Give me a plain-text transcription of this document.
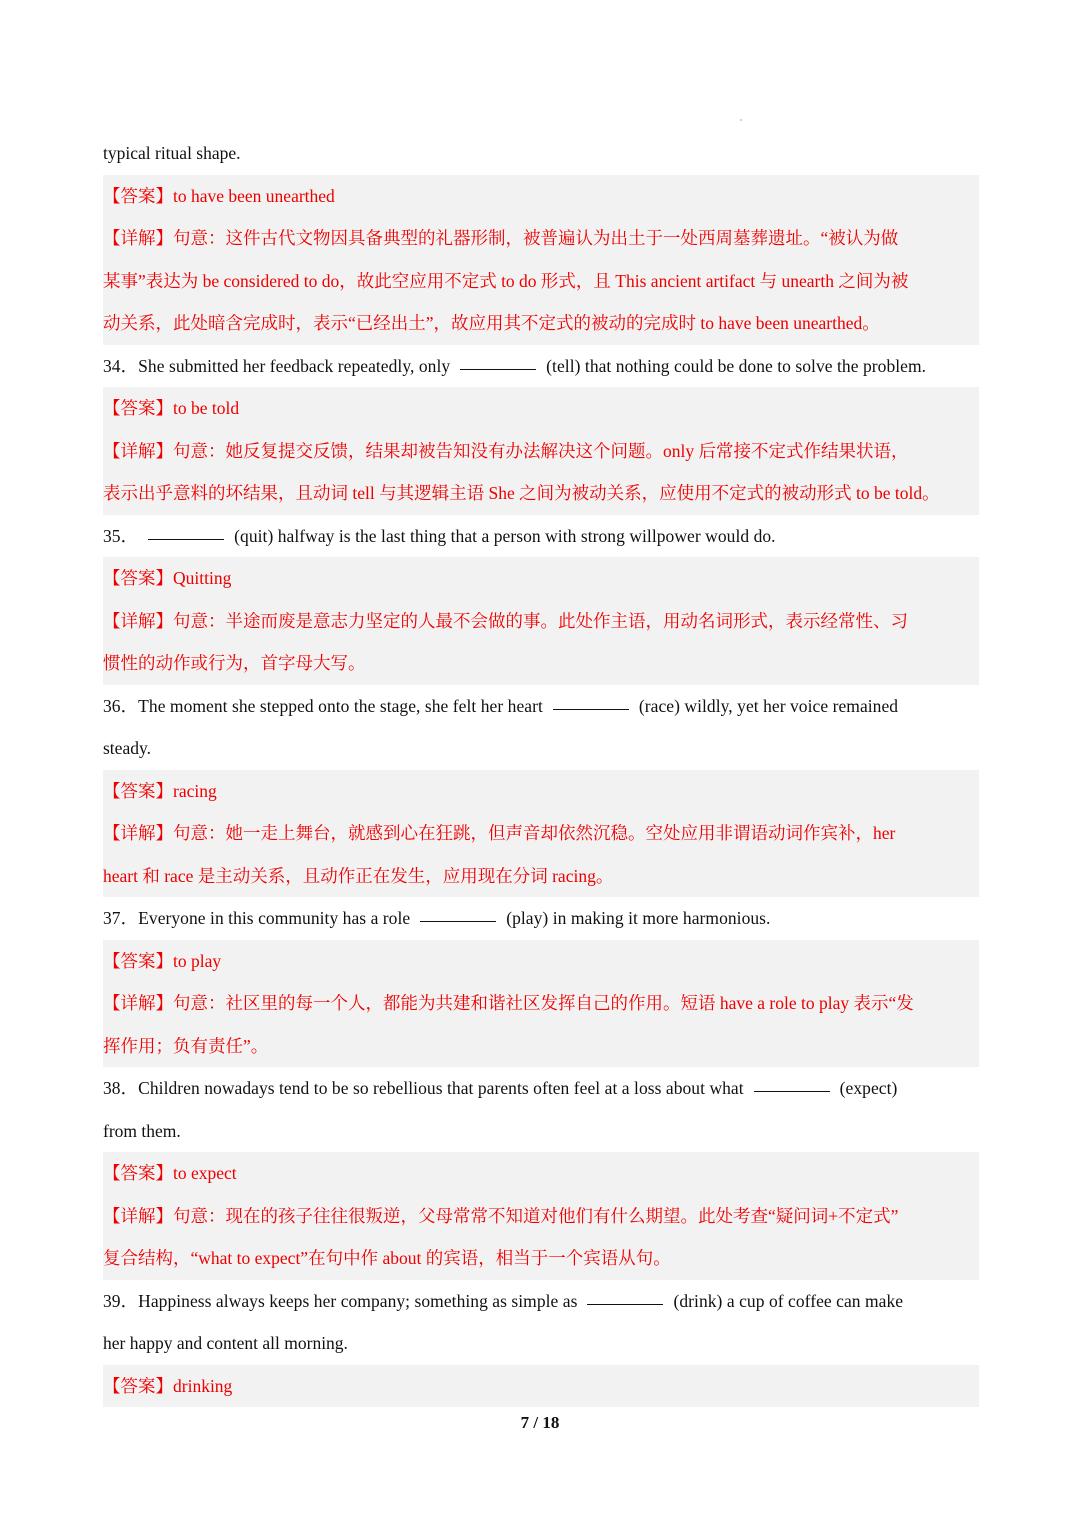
typical ritual shape.
【答案】to have been unearthed
【详解】句意：这件古代文物因具备典型的礼器形制，被普遍认为出土于一处西周墓葬遗址。“被认为做
某事”表达为 be considered to do，故此空应用不定式 to do 形式，且 This ancient artifact 与 unearth 之间为被
动关系，此处暗含完成时，表示“已经出土”，故应用其不定式的被动的完成时 to have been unearthed。
34．She submitted her feedback repeatedly, only	(tell) that nothing could be done to solve the problem.
【答案】to be told
【详解】句意：她反复提交反馈，结果却被告知没有办法解决这个问题。only 后常接不定式作结果状语，
表示出乎意料的坏结果，且动词 tell 与其逻辑主语 She 之间为被动关系，应使用不定式的被动形式 to be told。
35．	(quit) halfway is the last thing that a person with strong willpower would do.
【答案】Quitting
【详解】句意：半途而废是意志力坚定的人最不会做的事。此处作主语，用动名词形式，表示经常性、习
惯性的动作或行为，首字母大写。
36．The moment she stepped onto the stage, she felt her heart	(race) wildly, yet her voice remained
steady.
【答案】racing
【详解】句意：她一走上舞台，就感到心在狂跳，但声音却依然沉稳。空处应用非谓语动词作宾补，her
heart 和 race 是主动关系，且动作正在发生，应用现在分词 racing。
37．Everyone in this community has a role	(play) in making it more harmonious.
【答案】to play
【详解】句意：社区里的每一个人，都能为共建和谐社区发挥自己的作用。短语 have a role to play 表示“发
挥作用；负有责任”。
38．Children nowadays tend to be so rebellious that parents often feel at a loss about what	(expect)
from them.
【答案】to expect
【详解】句意：现在的孩子往往很叛逆，父母常常不知道对他们有什么期望。此处考查“疑问词+不定式”
复合结构，“what to expect”在句中作 about 的宾语，相当于一个宾语从句。
39．Happiness always keeps her company; something as simple as	(drink) a cup of coffee can make
her happy and content all morning.
【答案】drinking
7 / 18
